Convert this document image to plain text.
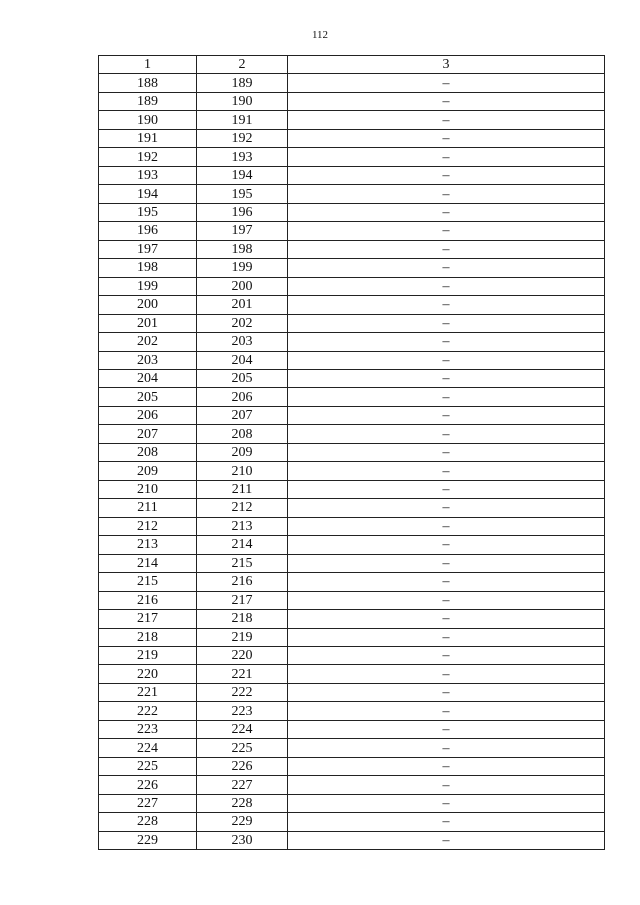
112
1	2	3
188	189	–
189	190	–
190	191	–
191	192	–
192	193	–
193	194	–
194	195	–
195	196	–
196	197	–
197	198	–
198	199	–
199	200	–
200	201	–
201	202	–
202	203	–
203	204	–
204	205	–
205	206	–
206	207	–
207	208	–
208	209	–
209	210	–
210	211	–
211	212	–
212	213	–
213	214	–
214	215	–
215	216	–
216	217	–
217	218	–
218	219	–
219	220	–
220	221	–
221	222	–
222	223	–
223	224	–
224	225	–
225	226	–
226	227	–
227	228	–
228	229	–
229	230	–
